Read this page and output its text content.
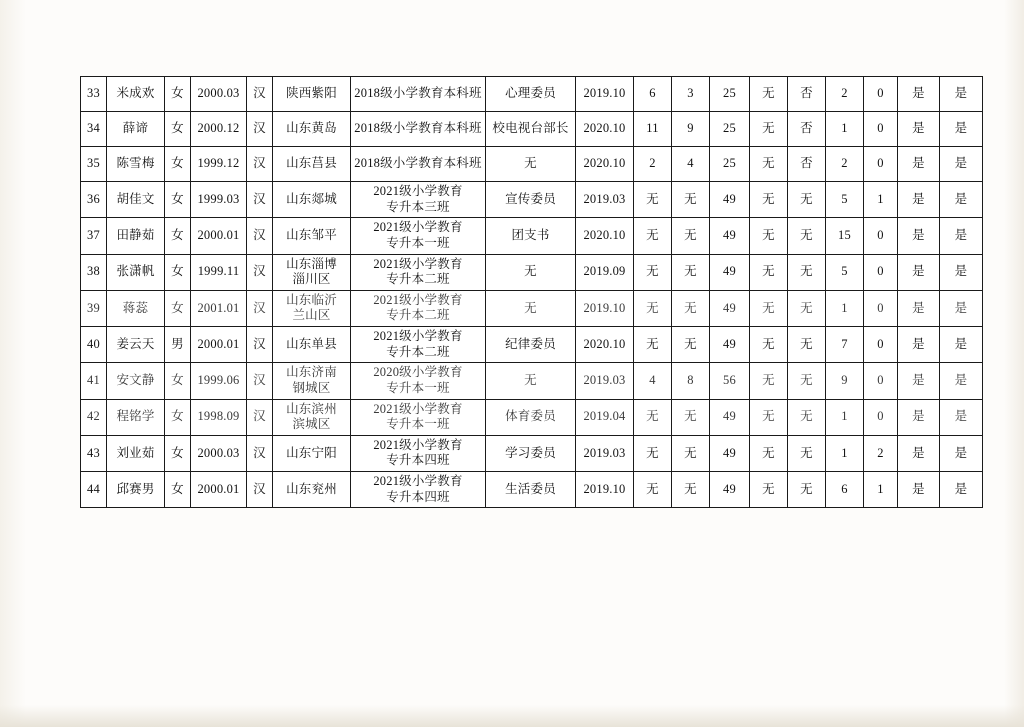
33	米成欢	女	2000.03	汉	陕西紫阳	2018级小学教育本科班	心理委员	2019.10	6	3	25	无	否	2	0	是	是
34	薛谛	女	2000.12	汉	山东黄岛	2018级小学教育本科班	校电视台部长	2020.10	11	9	25	无	否	1	0	是	是
35	陈雪梅	女	1999.12	汉	山东莒县	2018级小学教育本科班	无	2020.10	2	4	25	无	否	2	0	是	是
36	胡佳文	女	1999.03	汉	山东郯城	2021级小学教育
专升本三班	宣传委员	2019.03	无	无	49	无	无	5	1	是	是
37	田静茹	女	2000.01	汉	山东邹平	2021级小学教育
专升本一班	团支书	2020.10	无	无	49	无	无	15	0	是	是
38	张潇帆	女	1999.11	汉	山东淄博
淄川区	2021级小学教育
专升本二班	无	2019.09	无	无	49	无	无	5	0	是	是
39	蒋蕊	女	2001.01	汉	山东临沂
兰山区	2021级小学教育
专升本二班	无	2019.10	无	无	49	无	无	1	0	是	是
40	姜云天	男	2000.01	汉	山东单县	2021级小学教育
专升本二班	纪律委员	2020.10	无	无	49	无	无	7	0	是	是
41	安文静	女	1999.06	汉	山东济南
钢城区	2020级小学教育
专升本一班	无	2019.03	4	8	56	无	无	9	0	是	是
42	程铭学	女	1998.09	汉	山东滨州
滨城区	2021级小学教育
专升本一班	体育委员	2019.04	无	无	49	无	无	1	0	是	是
43	刘业茹	女	2000.03	汉	山东宁阳	2021级小学教育
专升本四班	学习委员	2019.03	无	无	49	无	无	1	2	是	是
44	邱赛男	女	2000.01	汉	山东兖州	2021级小学教育
专升本四班	生活委员	2019.10	无	无	49	无	无	6	1	是	是
